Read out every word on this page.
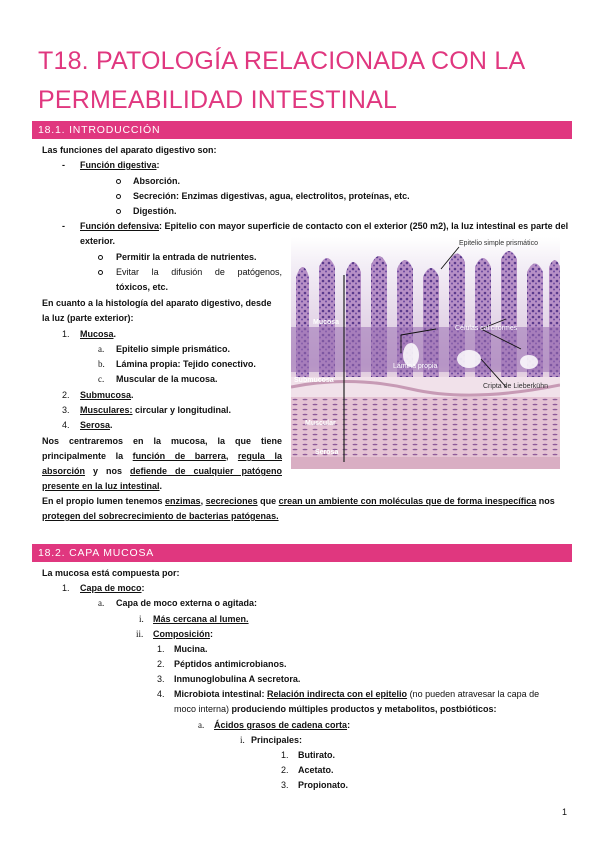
T18. PATOLOGÍA RELACIONADA CON LA
PERMEABILIDAD INTESTINAL
18.1. INTRODUCCIÓN
Las funciones del aparato digestivo son:
- Función digestiva:
Absorción.
Secreción: Enzimas digestivas, agua, electrolitos, proteínas, etc.
Digestión.
- Función defensiva: Epitelio con mayor superficie de contacto con el exterior (250 m2), la luz intestinal es parte del
exterior.
Permitir la entrada de nutrientes.
Evitar la difusión de patógenos,
tóxicos, etc.
En cuanto a la histología del aparato digestivo, desde
la luz (parte exterior):
1. Mucosa.
a. Epitelio simple prismático.
b. Lámina propia: Tejido conectivo.
c. Muscular de la mucosa.
2. Submucosa.
3. Musculares: circular y longitudinal.
4. Serosa.
Nos centraremos en la mucosa, la que tiene
principalmente la función de barrera, regula la
absorción y nos defiende de cualquier patógeno
presente en la luz intestinal.
En el propio lumen tenemos enzimas, secreciones que crean un ambiente con moléculas que de forma inespecífica nos
protegen del sobrecrecimiento de bacterias patógenas.
Epitelio simple prismático
Mucosa
Células caliciformes
Lámina propia
Submucosa
Cripta de Lieberkühn
Muscular
Serosa
18.2. CAPA MUCOSA
La mucosa está compuesta por:
1. Capa de moco:
a. Capa de moco externa o agitada:
i. Más cercana al lumen.
ii. Composición:
1. Mucina.
2. Péptidos antimicrobianos.
3. Inmunoglobulina A secretora.
4. Microbiota intestinal: Relación indirecta con el epitelio (no pueden atravesar la capa de
moco interna) produciendo múltiples productos y metabolitos, postbióticos:
a. Ácidos grasos de cadena corta:
i. Principales:
1. Butirato.
2. Acetato.
3. Propionato.
1
